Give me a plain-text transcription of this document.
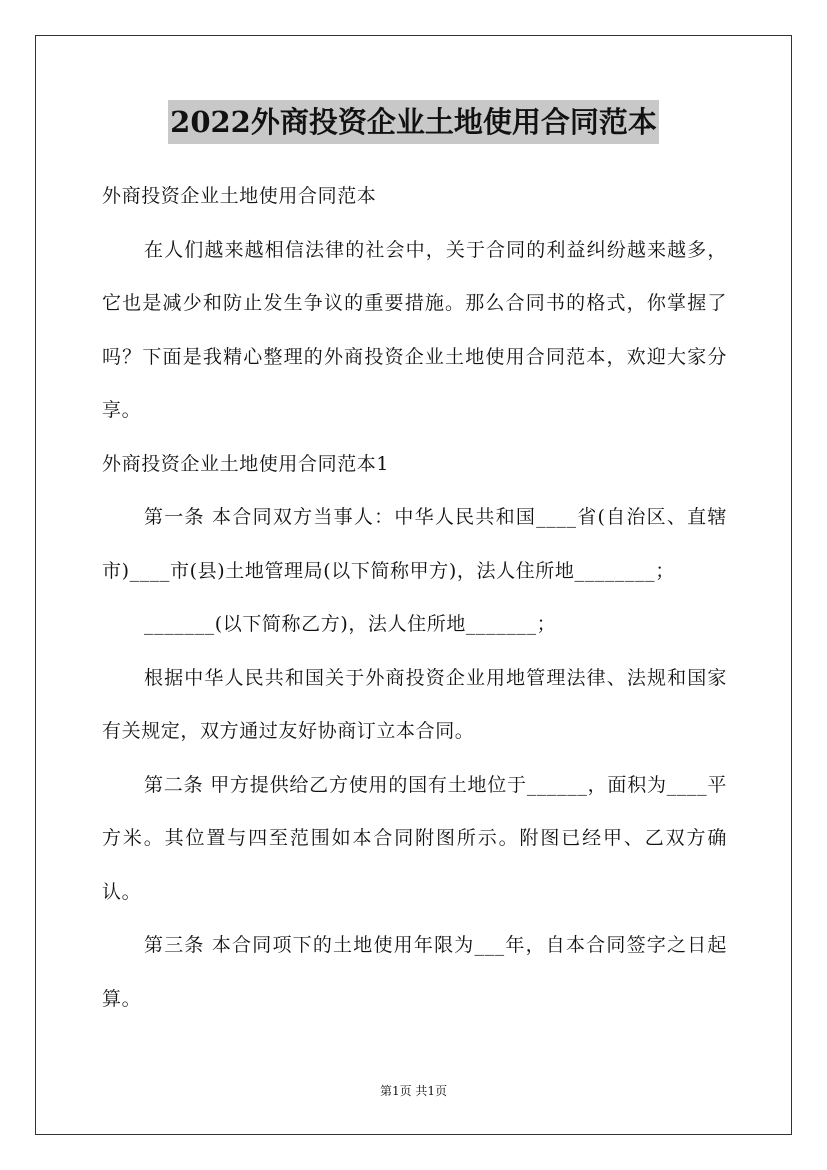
2022外商投资企业土地使用合同范本

外商投资企业土地使用合同范本

在人们越来越相信法律的社会中，关于合同的利益纠纷越来越多，它也是减少和防止发生争议的重要措施。那么合同书的格式，你掌握了吗？下面是我精心整理的外商投资企业土地使用合同范本，欢迎大家分享。

外商投资企业土地使用合同范本1

第一条 本合同双方当事人：中华人民共和国____省(自治区、直辖市)____市(县)土地管理局(以下简称甲方)，法人住所地________；

_______(以下简称乙方)，法人住所地_______；

根据中华人民共和国关于外商投资企业用地管理法律、法规和国家有关规定，双方通过友好协商订立本合同。

第二条 甲方提供给乙方使用的国有土地位于______，面积为____平方米。其位置与四至范围如本合同附图所示。附图已经甲、乙双方确认。

第三条 本合同项下的土地使用年限为___年，自本合同签字之日起算。

第1页 共1页
